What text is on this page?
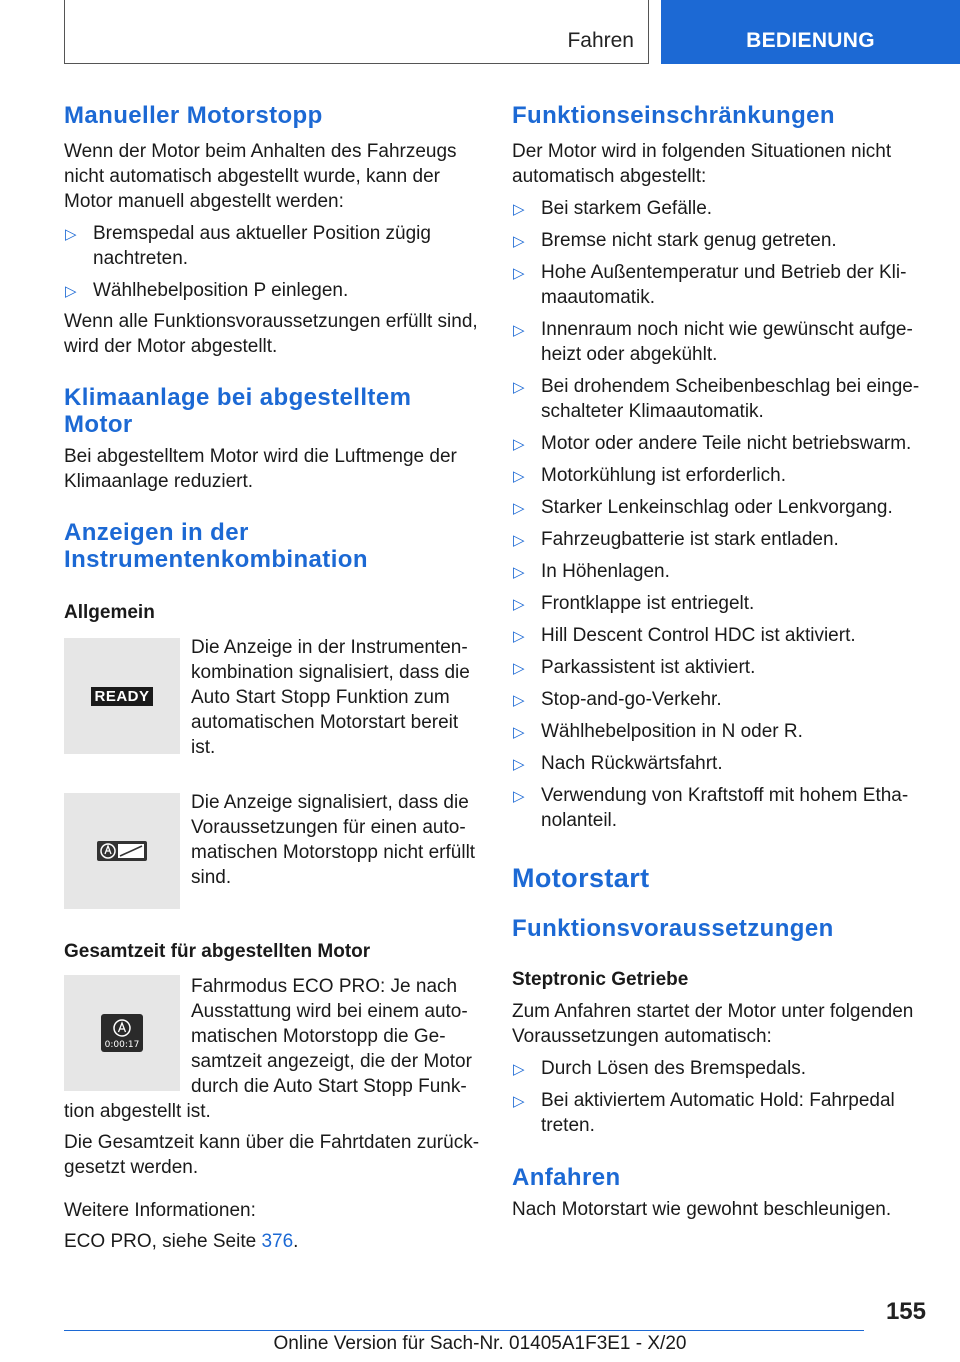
Fahren	BEDIENUNG
Manueller Motorstopp

Wenn der Motor beim Anhalten des Fahrzeugs nicht automatisch abgestellt wurde, kann der Motor manuell abgestellt werden:

▷ Bremspedal aus aktueller Position zügig nachtreten.
▷ Wählhebelposition P einlegen.

Wenn alle Funktionsvoraussetzungen erfüllt sind, wird der Motor abgestellt.

Klimaanlage bei abgestelltem Motor

Bei abgestelltem Motor wird die Luftmenge der Klimaanlage reduziert.

Anzeigen in der
Instrumentenkombination
Allgemein
READY
Die Anzeige in der Instrumentenkombination signalisiert, dass die Auto Start Stopp Funktion zum automatischen Motorstart bereit ist.
Die Anzeige signalisiert, dass die Voraussetzungen für einen automatischen Motorstopp nicht erfüllt sind.
Gesamtzeit für abgestellten Motor
0:00:17

Fahrmodus ECO PRO: Je nach Ausstattung wird bei einem automatischen Motorstopp die Gesamtzeit angezeigt, die der Motor durch die Auto Start Stopp Funktion abgestellt ist.

Die Gesamtzeit kann über die Fahrtdaten zurückgesetzt werden.

Weitere Informationen:

ECO PRO, siehe Seite 376.

Funktionseinschränkungen

Der Motor wird in folgenden Situationen nicht automatisch abgestellt:

▷ Bei starkem Gefälle.
▷ Bremse nicht stark genug getreten.
▷ Hohe Außentemperatur und Betrieb der Klimaautomatik.
▷ Innenraum noch nicht wie gewünscht aufgeheizt oder abgekühlt.
▷ Bei drohendem Scheibenbeschlag bei eingeschalteter Klimaautomatik.
▷ Motor oder andere Teile nicht betriebswarm.
▷ Motorkühlung ist erforderlich.
▷ Starker Lenkeinschlag oder Lenkvorgang.
▷ Fahrzeugbatterie ist stark entladen.
▷ In Höhenlagen.
▷ Frontklappe ist entriegelt.
▷ Hill Descent Control HDC ist aktiviert.
▷ Parkassistent ist aktiviert.
▷ Stop-and-go-Verkehr.
▷ Wählhebelposition in N oder R.
▷ Nach Rückwärtsfahrt.
▷ Verwendung von Kraftstoff mit hohem Ethanolanteil.
Motorstart
Funktionsvoraussetzungen
Steptronic Getriebe

Zum Anfahren startet der Motor unter folgenden Voraussetzungen automatisch:

▷ Durch Lösen des Bremspedals.
▷ Bei aktiviertem Automatic Hold: Fahrpedal treten.
Anfahren

Nach Motorstart wie gewohnt beschleunigen.

155
Online Version für Sach-Nr. 01405A1F3E1 - X/20
